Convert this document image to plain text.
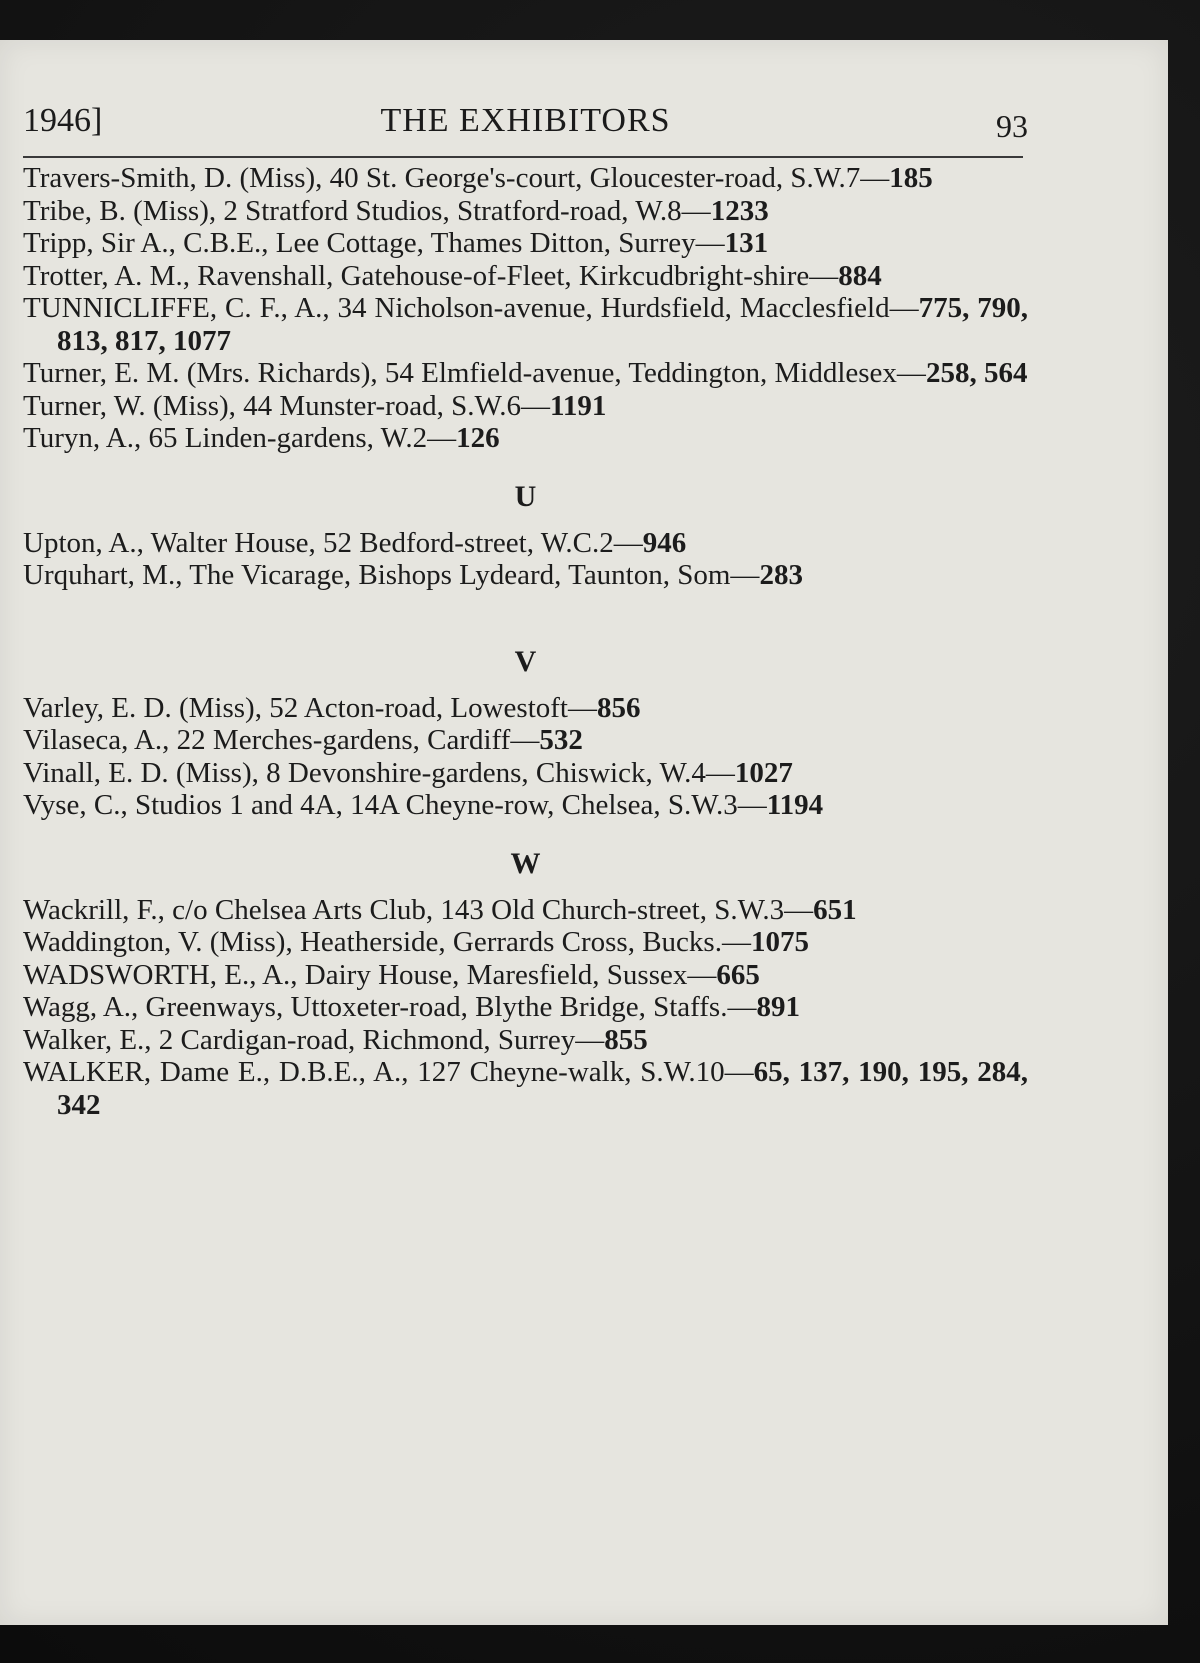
1946]	THE EXHIBITORS	93

Travers-Smith, D. (Miss), 40 St. George's-court, Gloucester-road, S.W.7—185

Tribe, B. (Miss), 2 Stratford Studios, Stratford-road, W.8—1233

Tripp, Sir A., C.B.E., Lee Cottage, Thames Ditton, Surrey—131

Trotter, A. M., Ravenshall, Gatehouse-of-Fleet, Kirkcudbright-shire—884

TUNNICLIFFE, C. F., A., 34 Nicholson-avenue, Hurdsfield, Macclesfield—775, 790, 813, 817, 1077

Turner, E. M. (Mrs. Richards), 54 Elmfield-avenue, Teddington, Middlesex—258, 564

Turner, W. (Miss), 44 Munster-road, S.W.6—1191

Turyn, A., 65 Linden-gardens, W.2—126

U

Upton, A., Walter House, 52 Bedford-street, W.C.2—946

Urquhart, M., The Vicarage, Bishops Lydeard, Taunton, Som—283

V

Varley, E. D. (Miss), 52 Acton-road, Lowestoft—856

Vilaseca, A., 22 Merches-gardens, Cardiff—532

Vinall, E. D. (Miss), 8 Devonshire-gardens, Chiswick, W.4—1027

Vyse, C., Studios 1 and 4A, 14A Cheyne-row, Chelsea, S.W.3—1194

W

Wackrill, F., c/o Chelsea Arts Club, 143 Old Church-street, S.W.3—651

Waddington, V. (Miss), Heatherside, Gerrards Cross, Bucks.—1075

WADSWORTH, E., A., Dairy House, Maresfield, Sussex—665

Wagg, A., Greenways, Uttoxeter-road, Blythe Bridge, Staffs.—891

Walker, E., 2 Cardigan-road, Richmond, Surrey—855

WALKER, Dame E., D.B.E., A., 127 Cheyne-walk, S.W.10—65, 137, 190, 195, 284, 342
